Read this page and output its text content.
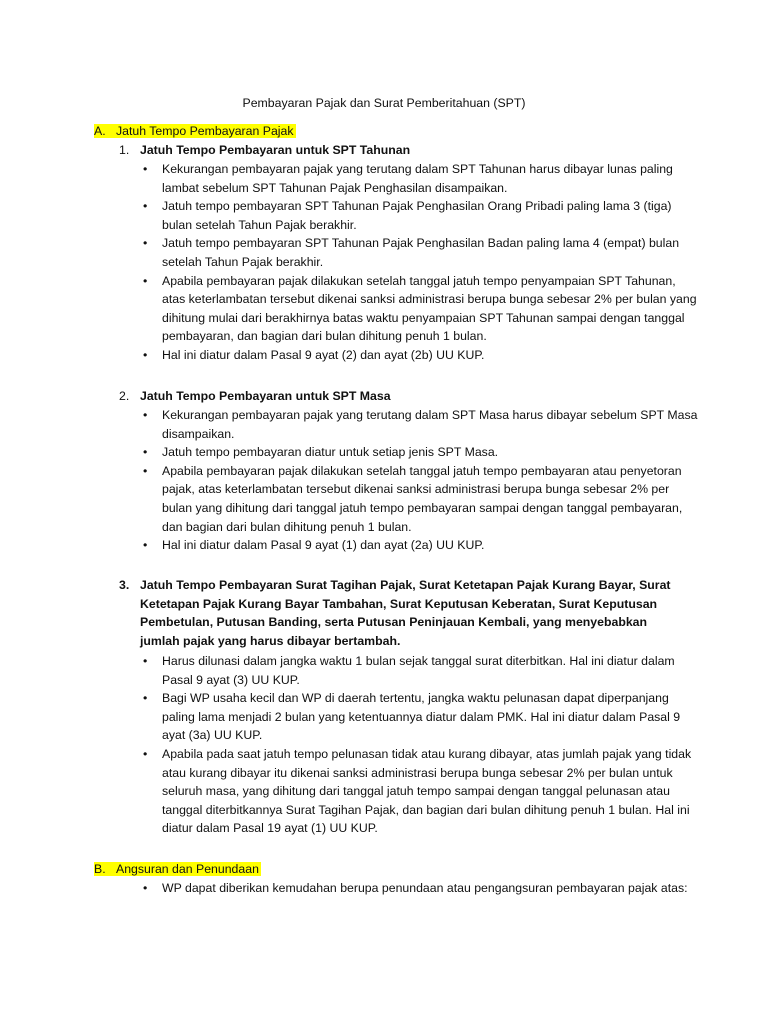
Pembayaran Pajak dan Surat Pemberitahuan (SPT)
A. Jatuh Tempo Pembayaran Pajak
1. Jatuh Tempo Pembayaran untuk SPT Tahunan
• Kekurangan pembayaran pajak yang terutang dalam SPT Tahunan harus dibayar lunas paling lambat sebelum SPT Tahunan Pajak Penghasilan disampaikan.
• Jatuh tempo pembayaran SPT Tahunan Pajak Penghasilan Orang Pribadi paling lama 3 (tiga) bulan setelah Tahun Pajak berakhir.
• Jatuh tempo pembayaran SPT Tahunan Pajak Penghasilan Badan paling lama 4 (empat) bulan setelah Tahun Pajak berakhir.
• Apabila pembayaran pajak dilakukan setelah tanggal jatuh tempo penyampaian SPT Tahunan, atas keterlambatan tersebut dikenai sanksi administrasi berupa bunga sebesar 2% per bulan yang dihitung mulai dari berakhirnya batas waktu penyampaian SPT Tahunan sampai dengan tanggal pembayaran, dan bagian dari bulan dihitung penuh 1 bulan.
• Hal ini diatur dalam Pasal 9 ayat (2) dan ayat (2b) UU KUP.
2. Jatuh Tempo Pembayaran untuk SPT Masa
• Kekurangan pembayaran pajak yang terutang dalam SPT Masa harus dibayar sebelum SPT Masa disampaikan.
• Jatuh tempo pembayaran diatur untuk setiap jenis SPT Masa.
• Apabila pembayaran pajak dilakukan setelah tanggal jatuh tempo pembayaran atau penyetoran pajak, atas keterlambatan tersebut dikenai sanksi administrasi berupa bunga sebesar 2% per bulan yang dihitung dari tanggal jatuh tempo pembayaran sampai dengan tanggal pembayaran, dan bagian dari bulan dihitung penuh 1 bulan.
• Hal ini diatur dalam Pasal 9 ayat (1) dan ayat (2a) UU KUP.
3. Jatuh Tempo Pembayaran Surat Tagihan Pajak, Surat Ketetapan Pajak Kurang Bayar, Surat Ketetapan Pajak Kurang Bayar Tambahan, Surat Keputusan Keberatan, Surat Keputusan Pembetulan, Putusan Banding, serta Putusan Peninjauan Kembali, yang menyebabkan jumlah pajak yang harus dibayar bertambah.
• Harus dilunasi dalam jangka waktu 1 bulan sejak tanggal surat diterbitkan. Hal ini diatur dalam Pasal 9 ayat (3) UU KUP.
• Bagi WP usaha kecil dan WP di daerah tertentu, jangka waktu pelunasan dapat diperpanjang paling lama menjadi 2 bulan yang ketentuannya diatur dalam PMK. Hal ini diatur dalam Pasal 9 ayat (3a) UU KUP.
• Apabila pada saat jatuh tempo pelunasan tidak atau kurang dibayar, atas jumlah pajak yang tidak atau kurang dibayar itu dikenai sanksi administrasi berupa bunga sebesar 2% per bulan untuk seluruh masa, yang dihitung dari tanggal jatuh tempo sampai dengan tanggal pelunasan atau tanggal diterbitkannya Surat Tagihan Pajak, dan bagian dari bulan dihitung penuh 1 bulan. Hal ini diatur dalam Pasal 19 ayat (1) UU KUP.
B. Angsuran dan Penundaan
• WP dapat diberikan kemudahan berupa penundaan atau pengangsuran pembayaran pajak atas:
